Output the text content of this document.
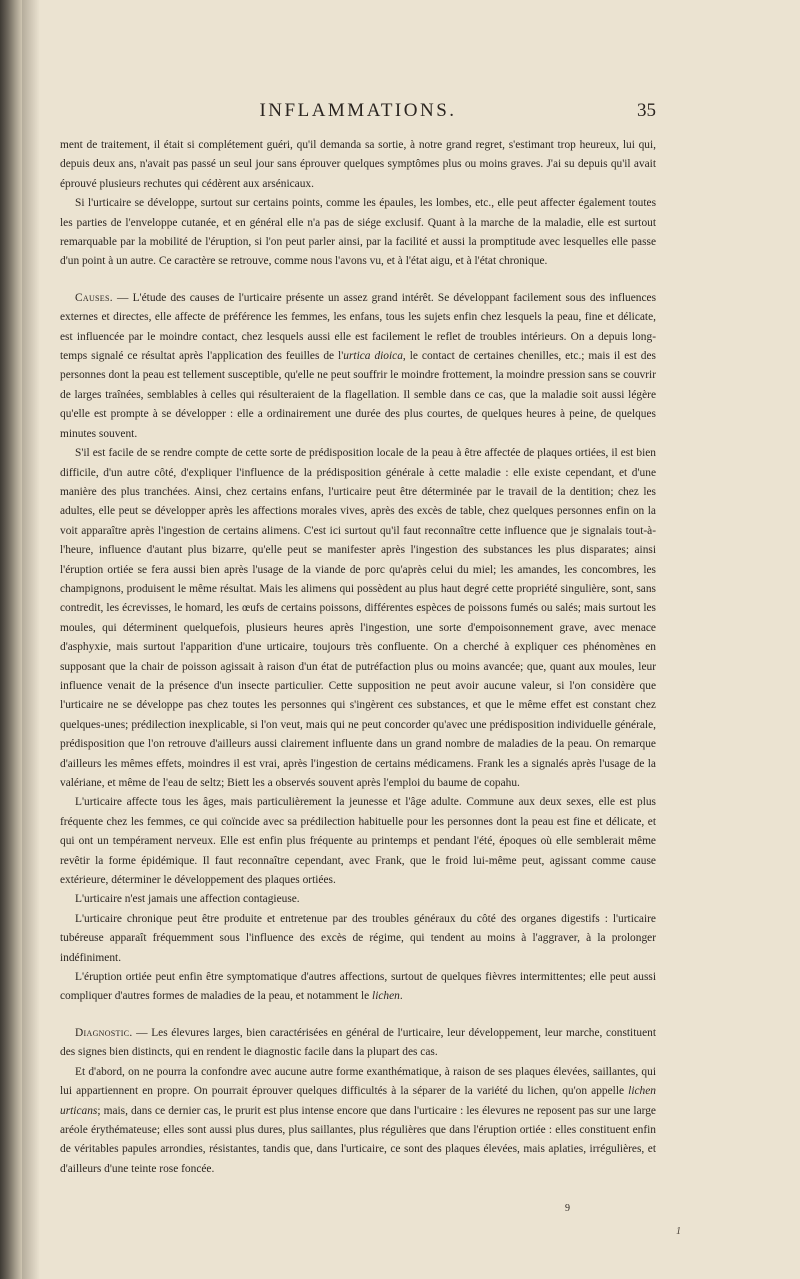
INFLAMMATIONS.	35

ment de traitement, il était si complétement guéri, qu'il demanda sa sortie, à notre grand regret, s'estimant trop heureux, lui qui, depuis deux ans, n'avait pas passé un seul jour sans éprouver quelques symptômes plus ou moins graves. J'ai su depuis qu'il avait éprouvé plusieurs rechutes qui cédèrent aux arsénicaux.

Si l'urticaire se développe, surtout sur certains points, comme les épaules, les lombes, etc., elle peut affecter également toutes les parties de l'enveloppe cutanée, et en général elle n'a pas de siége exclusif. Quant à la marche de la maladie, elle est surtout remarquable par la mobilité de l'éruption, si l'on peut parler ainsi, par la facilité et aussi la promptitude avec lesquelles elle passe d'un point à un autre. Ce caractère se retrouve, comme nous l'avons vu, et à l'état aigu, et à l'état chronique.

Causes. — L'étude des causes de l'urticaire présente un assez grand intérêt. Se développant facilement sous des influences externes et directes, elle affecte de préférence les femmes, les enfans, tous les sujets enfin chez lesquels la peau, fine et délicate, est influencée par le moindre contact, chez lesquels aussi elle est facilement le reflet de troubles intérieurs. On a depuis long-temps signalé ce résultat après l'application des feuilles de l'urtica dioica, le contact de certaines chenilles, etc.; mais il est des personnes dont la peau est tellement susceptible, qu'elle ne peut souffrir le moindre frottement, la moindre pression sans se couvrir de larges traînées, semblables à celles qui résulteraient de la flagellation. Il semble dans ce cas, que la maladie soit aussi légère qu'elle est prompte à se développer : elle a ordinairement une durée des plus courtes, de quelques heures à peine, de quelques minutes souvent.

S'il est facile de se rendre compte de cette sorte de prédisposition locale de la peau à être affectée de plaques ortiées, il est bien difficile, d'un autre côté, d'expliquer l'influence de la prédisposition générale à cette maladie : elle existe cependant, et d'une manière des plus tranchées. Ainsi, chez certains enfans, l'urticaire peut être déterminée par le travail de la dentition; chez les adultes, elle peut se développer après les affections morales vives, après des excès de table, chez quelques personnes enfin on la voit apparaître après l'ingestion de certains alimens. C'est ici surtout qu'il faut reconnaître cette influence que je signalais tout-à-l'heure, influence d'autant plus bizarre, qu'elle peut se manifester après l'ingestion des substances les plus disparates; ainsi l'éruption ortiée se fera aussi bien après l'usage de la viande de porc qu'après celui du miel; les amandes, les concombres, les champignons, produisent le même résultat. Mais les alimens qui possèdent au plus haut degré cette propriété singulière, sont, sans contredit, les écrevisses, le homard, les œufs de certains poissons, différentes espèces de poissons fumés ou salés; mais surtout les moules, qui déterminent quelquefois, plusieurs heures après l'ingestion, une sorte d'empoisonnement grave, avec menace d'asphyxie, mais surtout l'apparition d'une urticaire, toujours très confluente. On a cherché à expliquer ces phénomènes en supposant que la chair de poisson agissait à raison d'un état de putréfaction plus ou moins avancée; que, quant aux moules, leur influence venait de la présence d'un insecte particulier. Cette supposition ne peut avoir aucune valeur, si l'on considère que l'urticaire ne se développe pas chez toutes les personnes qui s'ingèrent ces substances, et que le même effet est constant chez quelques-unes; prédilection inexplicable, si l'on veut, mais qui ne peut concorder qu'avec une prédisposition individuelle générale, prédisposition que l'on retrouve d'ailleurs aussi clairement influente dans un grand nombre de maladies de la peau. On remarque d'ailleurs les mêmes effets, moindres il est vrai, après l'ingestion de certains médicamens. Frank les a signalés après l'usage de la valériane, et même de l'eau de seltz; Biett les a observés souvent après l'emploi du baume de copahu.

L'urticaire affecte tous les âges, mais particulièrement la jeunesse et l'âge adulte. Commune aux deux sexes, elle est plus fréquente chez les femmes, ce qui coïncide avec sa prédilection habituelle pour les personnes dont la peau est fine et délicate, et qui ont un tempérament nerveux. Elle est enfin plus fréquente au printemps et pendant l'été, époques où elle semblerait même revêtir la forme épidémique. Il faut reconnaître cependant, avec Frank, que le froid lui-même peut, agissant comme cause extérieure, déterminer le développement des plaques ortiées.

L'urticaire n'est jamais une affection contagieuse.

L'urticaire chronique peut être produite et entretenue par des troubles généraux du côté des organes digestifs : l'urticaire tubéreuse apparaît fréquemment sous l'influence des excès de régime, qui tendent au moins à l'aggraver, à la prolonger indéfiniment.

L'éruption ortiée peut enfin être symptomatique d'autres affections, surtout de quelques fièvres intermittentes; elle peut aussi compliquer d'autres formes de maladies de la peau, et notamment le lichen.

Diagnostic. — Les élevures larges, bien caractérisées en général de l'urticaire, leur développement, leur marche, constituent des signes bien distincts, qui en rendent le diagnostic facile dans la plupart des cas.

Et d'abord, on ne pourra la confondre avec aucune autre forme exanthématique, à raison de ses plaques élevées, saillantes, qui lui appartiennent en propre. On pourrait éprouver quelques difficultés à la séparer de la variété du lichen, qu'on appelle lichen urticans; mais, dans ce dernier cas, le prurit est plus intense encore que dans l'urticaire : les élevures ne reposent pas sur une large aréole érythémateuse; elles sont aussi plus dures, plus saillantes, plus régulières que dans l'éruption ortiée : elles constituent enfin de véritables papules arrondies, résistantes, tandis que, dans l'urticaire, ce sont des plaques élevées, mais aplaties, irrégulières, et d'ailleurs d'une teinte rose foncée.

9
1
